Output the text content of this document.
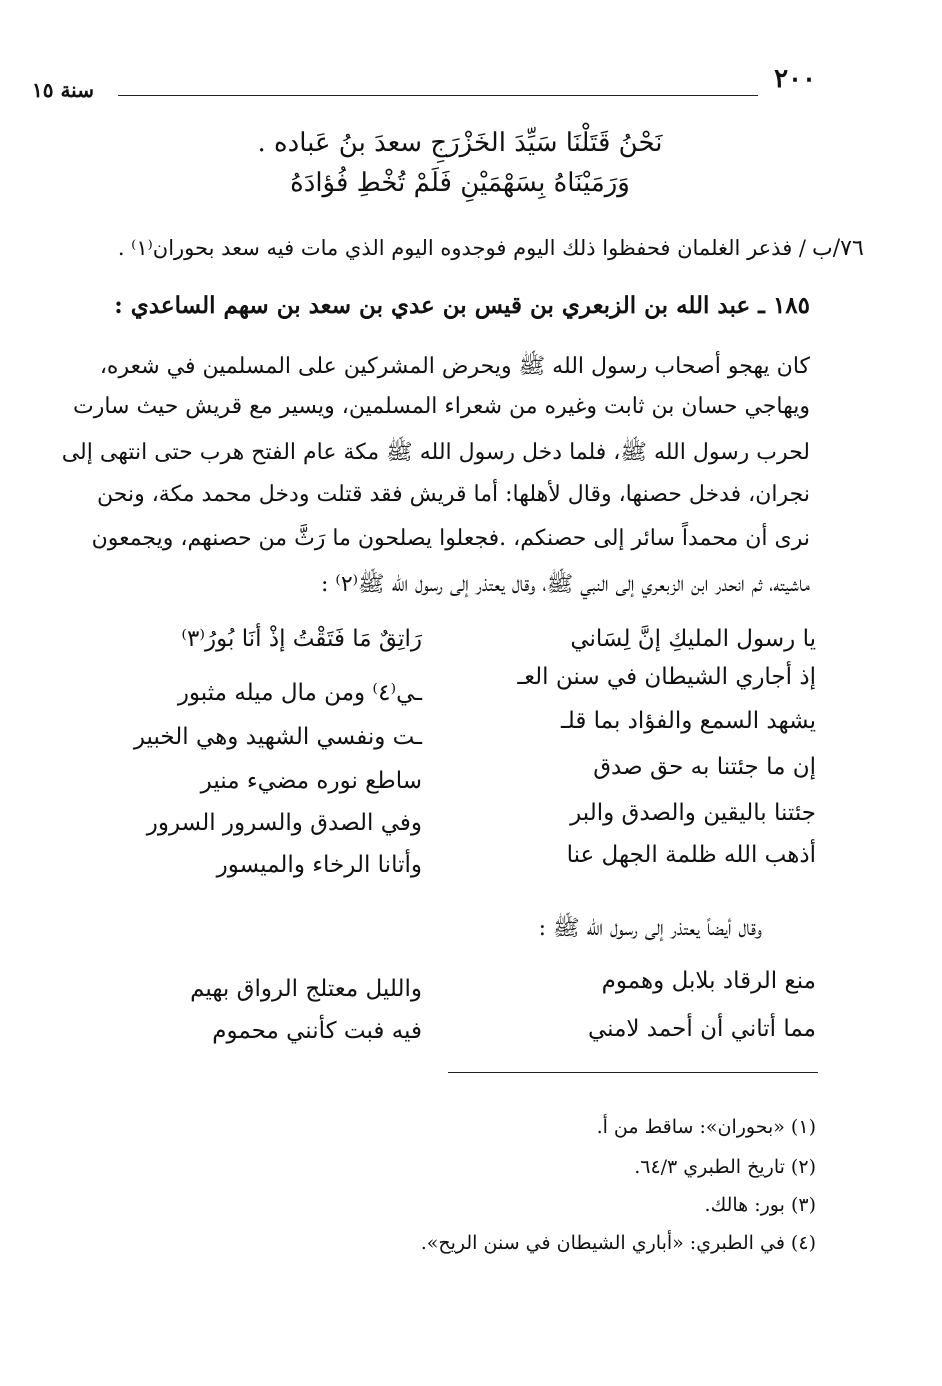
٢٠٠
سنة ١٥
نَحْنُ قَتَلْنَا سَيِّدَ الخَزْرَجِ سعدَ بنُ عَباده .
وَرَمَيْنَاهُ بِسَهْمَيْنِ فَلَمْ تُخْطِ فُؤادَهُ
٧٦/ب
/ فذعر الغلمان فحفظوا ذلك اليوم فوجدوه اليوم الذي مات فيه سعد بحوران⁽١⁾ .
١٨٥ ـ عبد الله بن الزبعري بن قيس بن عدي بن سعد بن سهم الساعدي :
كان يهجو أصحاب رسول الله ﷺ ويحرض المشركين على المسلمين في شعره،
ويهاجي حسان بن ثابت وغيره من شعراء المسلمين، ويسير مع قريش حيث سارت
لحرب رسول الله ﷺ، فلما دخل رسول الله ﷺ مكة عام الفتح هرب حتى انتهى إلى
نجران، فدخل حصنها، وقال لأهلها: أما قريش فقد قتلت ودخل محمد مكة، ونحن
نرى أن محمداً سائر إلى حصنكم، .فجعلوا يصلحون ما رَثَّ من حصنهم، ويجمعون
ماشيته، ثم انحدر ابن الزبعري إلى النبي ﷺ، وقال يعتذر إلى رسول الله ﷺ⁽٢⁾ :
يا رسول المليكِ إنَّ لِسَاني
إذ أجاري الشيطان في سنن العـ
يشهد السمع والفؤاد بما قلـ
إن ما جئتنا به حق صدق
جئتنا باليقين والصدق والبر
أذهب الله ظلمة الجهل عنا
رَاتِقٌ مَا فَتَقْتُ إذْ أنَا بُورُ⁽٣⁾
ـي⁽٤⁾ ومن مال ميله مثبور
ـت ونفسي الشهيد وهي الخبير
ساطع نوره مضيء منير
وفي الصدق والسرور السرور
وأتانا الرخاء والميسور
وقال أيضاً يعتذر إلى رسول الله ﷺ :
منع الرقاد بلابل وهموم
مما أتاني أن أحمد لامني
والليل معتلج الرواق بهيم
فيه فبت كأنني محموم
(١) «بحوران»: ساقط من أ.
(٢) تاريخ الطبري ٦٤/٣.
(٣) بور: هالك.
(٤) في الطبري: «أباري الشيطان في سنن الريح».
